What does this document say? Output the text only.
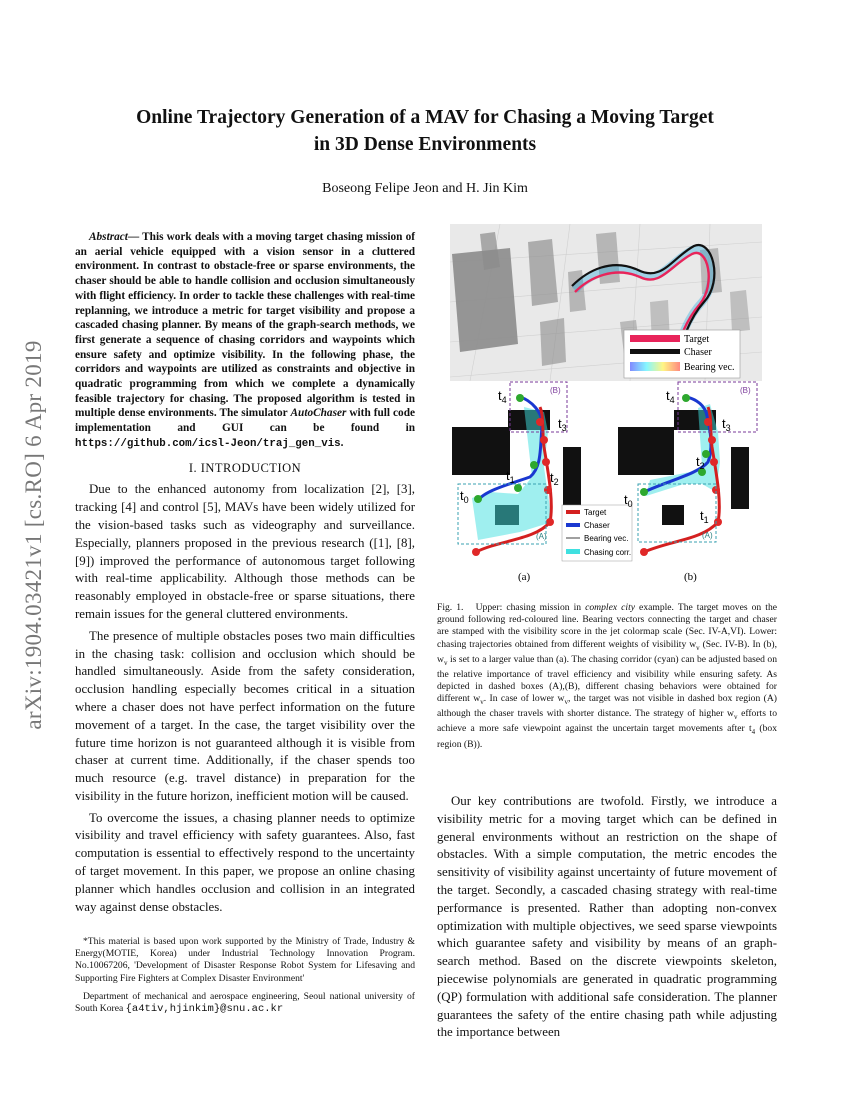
arXiv:1904.03421v1 [cs.RO] 6 Apr 2019
Online Trajectory Generation of a MAV for Chasing a Moving Target
in 3D Dense Environments
Boseong Felipe Jeon and H. Jin Kim
Abstract— This work deals with a moving target chasing mission of an aerial vehicle equipped with a vision sensor in a cluttered environment. In contrast to obstacle-free or sparse environments, the chaser should be able to handle collision and occlusion simultaneously with flight efficiency. In order to tackle these challenges with real-time replanning, we introduce a metric for target visibility and propose a cascaded chasing planner. By means of the graph-search methods, we first generate a sequence of chasing corridors and waypoints which ensure safety and optimize visibility. In the following phase, the corridors and waypoints are utilized as constraints and objective in quadratic programming from which we complete a dynamically feasible trajectory for chasing. The proposed algorithm is tested in multiple dense environments. The simulator AutoChaser with full code implementation and GUI can be found in https://github.com/icsl-Jeon/traj_gen_vis.
I. INTRODUCTION

Due to the enhanced autonomy from localization [2], [3], tracking [4] and control [5], MAVs have been widely utilized for the vision-based tasks such as videography and surveillance. Especially, planners proposed in the previous research ([1], [8], [9]) improved the performance of autonomous target following with real-time applicability. Although those methods can be reasonably employed in obstacle-free or sparse situations, there remain issues for the general cluttered environments.

The presence of multiple obstacles poses two main difficulties in the chasing task: collision and occlusion which should be handled simultaneously. Aside from the safety consideration, occlusion handling especially becomes critical in a situation where a chaser does not have perfect information on the future movement of a target. In the case, the target visibility over the future time horizon is not guaranteed although it is visible from chaser at current time. Additionally, if the chaser spends too much resource (e.g. travel distance) in preparation for the visibility in the future horizon, inefficient motion will be caused.

To overcome the issues, a chasing planner needs to optimize visibility and travel efficiency with safety guarantees. Also, fast computation is essential to effectively respond to the uncertainty of target movement. In this paper, we propose an online chasing planner which handles occlusion and collision in an integrated way against dense obstacles.

*This material is based upon work supported by the Ministry of Trade, Industry & Energy(MOTIE, Korea) under Industrial Technology Innovation Program. No.10067206, 'Development of Disaster Response Robot System for Lifesaving and Supporting Fire Fighters at Complex Disaster Environment'

Department of mechanical and aerospace engineering, Seoul national university of South Korea {a4tiv,hjinkim}@snu.ac.kr

Target
Chaser
Bearing vec.
(A)
(B)
$t_0$
$t_1$	$t_2$
$t_3$
$t_4$
Target
Chaser
Bearing vec.
Chasing corr.
(a)
(A)
(B)
$t_0$
$t_1$
$t_2$
$t_3$
$t_4$
(b)
Fig. 1. Upper: chasing mission in complex city example. The target moves on the ground following red-coloured line. Bearing vectors connecting the target and chaser are stamped with the visibility score in the jet colormap scale (Sec. IV-A,VI). Lower: chasing trajectories obtained from different weights of visibility $w_v$ (Sec. IV-B). In (b), $w_v$ is set to a larger value than (a). The chasing corridor (cyan) can be adjusted based on the relative importance of travel efficiency and visibility while ensuring safety. As depicted in dashed boxes (A),(B), different chasing behaviors were obtained for different $w_v$. In case of lower $w_v$, the target was not visible in dashed box region (A) although the chaser travels with shorter distance. The strategy of higher $w_v$ efforts to achieve a more safe viewpoint against the uncertain target movements after $t_4$ (box region (B)).

Our key contributions are twofold. Firstly, we introduce a visibility metric for a moving target which can be defined in general environments without an restriction on the shape of obstacles. With a simple computation, the metric encodes the sensitivity of visibility against uncertainty of future movement of the target. Secondly, a cascaded chasing strategy with real-time performance is presented. Rather than adopting non-convex optimization with multiple objectives, we seed sparse viewpoints which guarantee safety and visibility by means of an graph-search method. Based on the discrete viewpoints skeleton, piecewise polynomials are generated in quadratic programming (QP) formulation with additional safe consideration. The planner guarantees the safety of the entire chasing path while adjusting the importance between
